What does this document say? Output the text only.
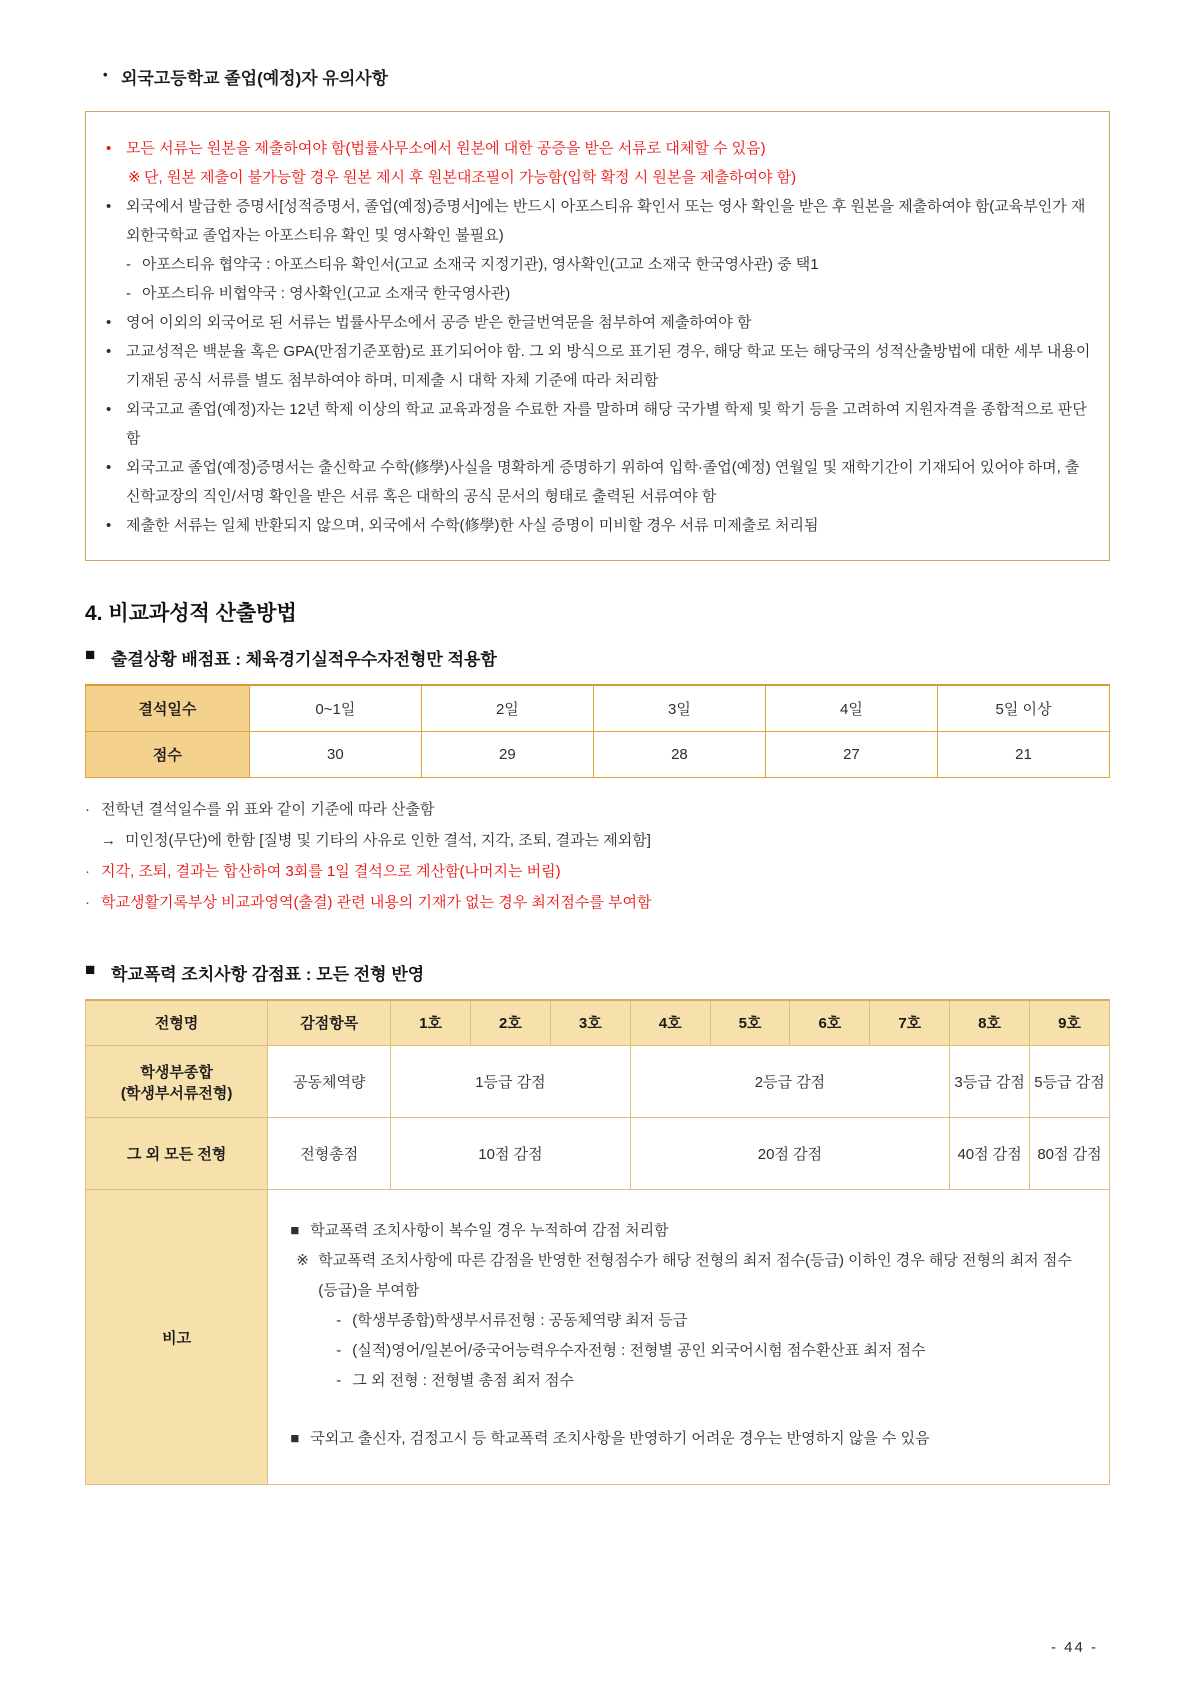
• 외국고등학교 졸업(예정)자 유의사항
• 모든 서류는 원본을 제출하여야 함(법률사무소에서 원본에 대한 공증을 받은 서류로 대체할 수 있음)
※ 단, 원본 제출이 불가능할 경우 원본 제시 후 원본대조필이 가능함(입학 확정 시 원본을 제출하여야 함)
• 외국에서 발급한 증명서[성적증명서, 졸업(예정)증명서]에는 반드시 아포스티유 확인서 또는 영사 확인을 받은 후 원본을 제출하여야 함(교육부인가 재외한국학교 졸업자는 아포스티유 확인 및 영사확인 불필요)
- 아포스티유 협약국 : 아포스티유 확인서(고교 소재국 지정기관), 영사확인(고교 소재국 한국영사관) 중 택1
- 아포스티유 비협약국 : 영사확인(고교 소재국 한국영사관)
• 영어 이외의 외국어로 된 서류는 법률사무소에서 공증 받은 한글번역문을 첨부하여 제출하여야 함
• 고교성적은 백분율 혹은 GPA(만점기준포함)로 표기되어야 함. 그 외 방식으로 표기된 경우, 해당 학교 또는 해당국의 성적산출방법에 대한 세부 내용이 기재된 공식 서류를 별도 첨부하여야 하며, 미제출 시 대학 자체 기준에 따라 처리함
• 외국고교 졸업(예정)자는 12년 학제 이상의 학교 교육과정을 수료한 자를 말하며 해당 국가별 학제 및 학기 등을 고려하여 지원자격을 종합적으로 판단함
• 외국고교 졸업(예정)증명서는 출신학교 수학(修學)사실을 명확하게 증명하기 위하여 입학·졸업(예정) 연월일 및 재학기간이 기재되어 있어야 하며, 출신학교장의 직인/서명 확인을 받은 서류 혹은 대학의 공식 문서의 형태로 출력된 서류여야 함
• 제출한 서류는 일체 반환되지 않으며, 외국에서 수학(修學)한 사실 증명이 미비할 경우 서류 미제출로 처리됨
4. 비교과성적 산출방법
■ 출결상황 배점표 : 체육경기실적우수자전형만 적용함
결석일수	0~1일	2일	3일	4일	5일 이상
점수	30	29	28	27	21
· 전학년 결석일수를 위 표와 같이 기준에 따라 산출함
→ 미인정(무단)에 한함 [질병 및 기타의 사유로 인한 결석, 지각, 조퇴, 결과는 제외함]
· 지각, 조퇴, 결과는 합산하여 3회를 1일 결석으로 계산함(나머지는 버림)
· 학교생활기록부상 비교과영역(출결) 관련 내용의 기재가 없는 경우 최저점수를 부여함
■ 학교폭력 조치사항 감점표 : 모든 전형 반영
전형명	감점항목	1호	2호	3호	4호	5호	6호	7호	8호	9호

학생부종합
(학생부서류전형)	공동체역량	1등급 감점			2등급 감점				3등급 감점	5등급 감점
그 외 모든 전형	전형총점	10점 감점			20점 감점				40점 감점	80점 감점
비고	
■ 학교폭력 조치사항이 복수일 경우 누적하여 감점 처리함
※ 학교폭력 조치사항에 따른 감점을 반영한 전형점수가 해당 전형의 최저 점수(등급) 이하인 경우 해당 전형의 최저 점수(등급)을 부여함
- (학생부종합)학생부서류전형 : 공동체역량 최저 등급
- (실적)영어/일본어/중국어능력우수자전형 : 전형별 공인 외국어시험 점수환산표 최저 점수
- 그 외 전형 : 전형별 총점 최저 점수
■ 국외고 출신자, 검정고시 등 학교폭력 조치사항을 반영하기 어려운 경우는 반영하지 않을 수 있음
- 44 -
